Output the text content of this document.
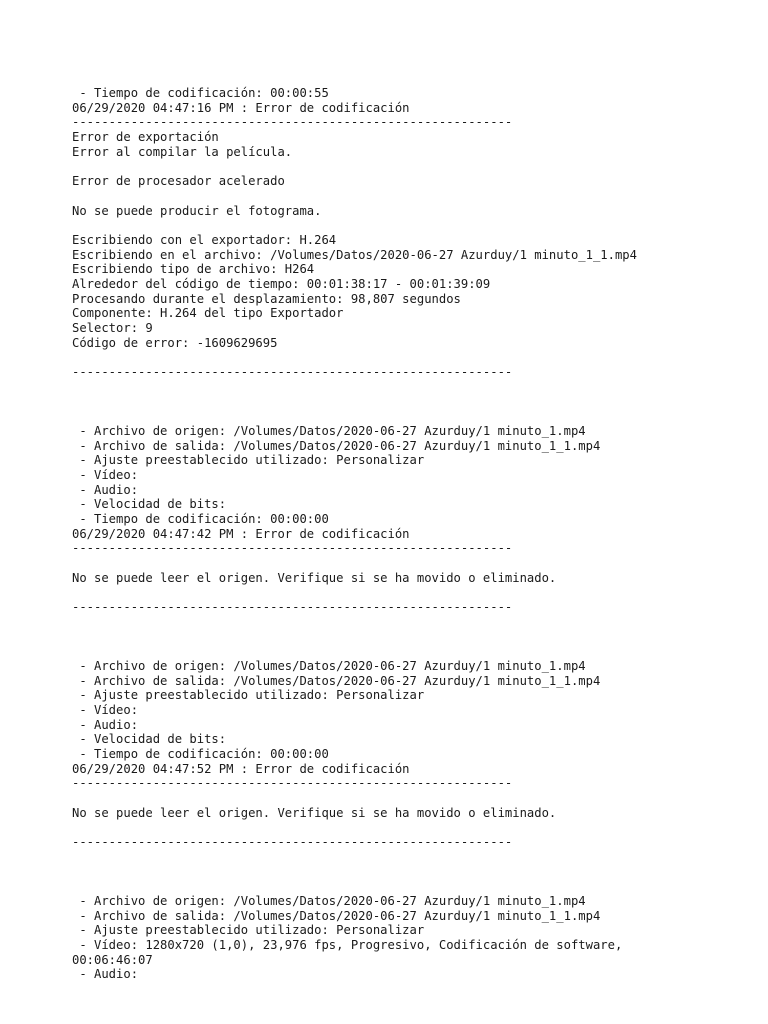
- Tiempo de codificación: 00:00:55
06/29/2020 04:47:16 PM : Error de codificación
------------------------------------------------------------
Error de exportación
Error al compilar la película.
Error de procesador acelerado
No se puede producir el fotograma.
Escribiendo con el exportador: H.264
Escribiendo en el archivo: /Volumes/Datos/2020-06-27 Azurduy/1 minuto_1_1.mp4
Escribiendo tipo de archivo: H264
Alrededor del código de tiempo: 00:01:38:17 - 00:01:39:09
Procesando durante el desplazamiento: 98,807 segundos
Componente: H.264 del tipo Exportador
Selector: 9
Código de error: -1609629695
------------------------------------------------------------
- Archivo de origen: /Volumes/Datos/2020-06-27 Azurduy/1 minuto_1.mp4
- Archivo de salida: /Volumes/Datos/2020-06-27 Azurduy/1 minuto_1_1.mp4
- Ajuste preestablecido utilizado: Personalizar
- Vídeo:
- Audio:
- Velocidad de bits:
- Tiempo de codificación: 00:00:00
06/29/2020 04:47:42 PM : Error de codificación
------------------------------------------------------------
No se puede leer el origen. Verifique si se ha movido o eliminado.
------------------------------------------------------------
- Archivo de origen: /Volumes/Datos/2020-06-27 Azurduy/1 minuto_1.mp4
- Archivo de salida: /Volumes/Datos/2020-06-27 Azurduy/1 minuto_1_1.mp4
- Ajuste preestablecido utilizado: Personalizar
- Vídeo:
- Audio:
- Velocidad de bits:
- Tiempo de codificación: 00:00:00
06/29/2020 04:47:52 PM : Error de codificación
------------------------------------------------------------
No se puede leer el origen. Verifique si se ha movido o eliminado.
------------------------------------------------------------
- Archivo de origen: /Volumes/Datos/2020-06-27 Azurduy/1 minuto_1.mp4
- Archivo de salida: /Volumes/Datos/2020-06-27 Azurduy/1 minuto_1_1.mp4
- Ajuste preestablecido utilizado: Personalizar
- Vídeo: 1280x720 (1,0), 23,976 fps, Progresivo, Codificación de software,
00:06:46:07
- Audio:
